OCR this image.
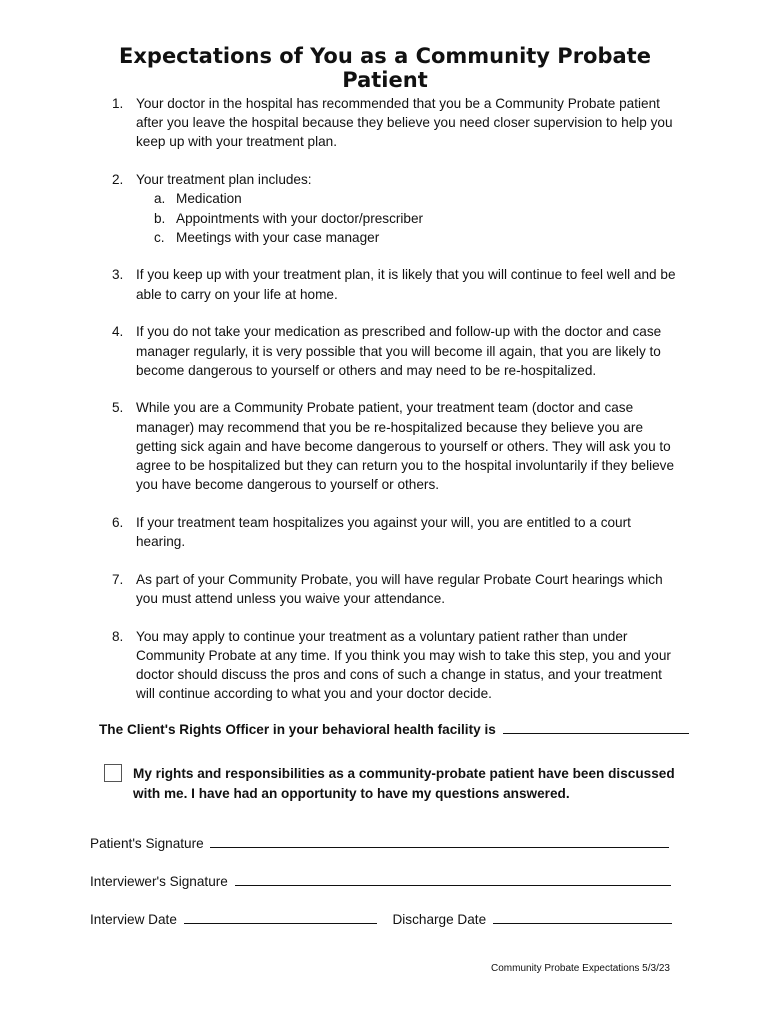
Expectations of You as a Community Probate Patient
1. Your doctor in the hospital has recommended that you be a Community Probate patient after you leave the hospital because they believe you need closer supervision to help you keep up with your treatment plan.
2. Your treatment plan includes:
a. Medication
b. Appointments with your doctor/prescriber
c. Meetings with your case manager
3. If you keep up with your treatment plan, it is likely that you will continue to feel well and be able to carry on your life at home.
4. If you do not take your medication as prescribed and follow-up with the doctor and case manager regularly, it is very possible that you will become ill again, that you are likely to become dangerous to yourself or others and may need to be re-hospitalized.
5. While you are a Community Probate patient, your treatment team (doctor and case manager) may recommend that you be re-hospitalized because they believe you are getting sick again and have become dangerous to yourself or others. They will ask you to agree to be hospitalized but they can return you to the hospital involuntarily if they believe you have become dangerous to yourself or others.
6. If your treatment team hospitalizes you against your will, you are entitled to a court hearing.
7. As part of your Community Probate, you will have regular Probate Court hearings which you must attend unless you waive your attendance.
8. You may apply to continue your treatment as a voluntary patient rather than under Community Probate at any time. If you think you may wish to take this step, you and your doctor should discuss the pros and cons of such a change in status, and your treatment will continue according to what you and your doctor decide.
The Client's Rights Officer in your behavioral health facility is
My rights and responsibilities as a community-probate patient have been discussed with me. I have had an opportunity to have my questions answered.
Patient's Signature
Interviewer's Signature
Interview Date	Discharge Date
Community Probate Expectations 5/3/23
